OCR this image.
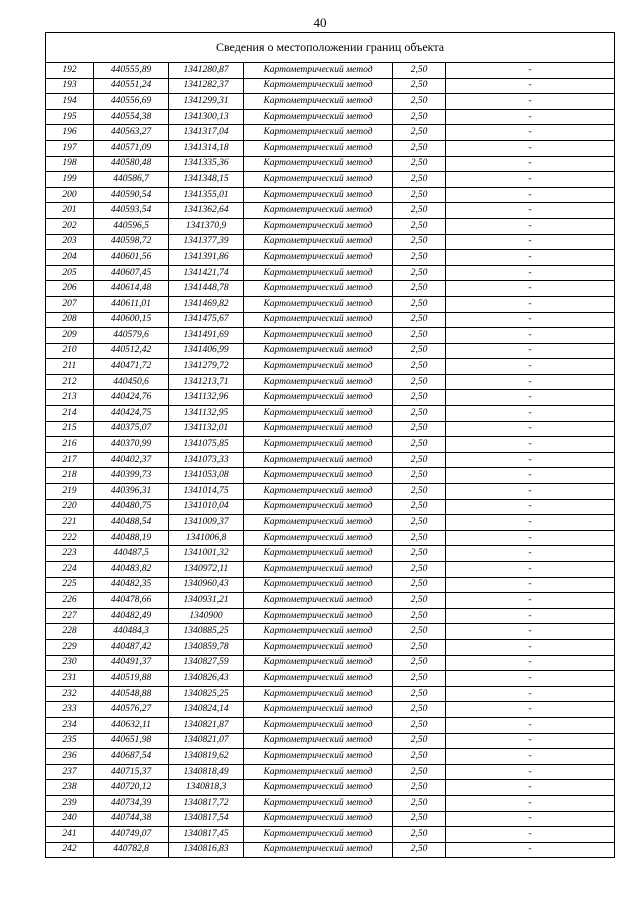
40
Сведения о местоположении границ объекта					
192	440555,89	1341280,87	Картометрический метод	2,50	-
193	440551,24	1341282,37	Картометрический метод	2,50	-
194	440556,69	1341299,31	Картометрический метод	2,50	-
195	440554,38	1341300,13	Картометрический метод	2,50	-
196	440563,27	1341317,04	Картометрический метод	2,50	-
197	440571,09	1341314,18	Картометрический метод	2,50	-
198	440580,48	1341335,36	Картометрический метод	2,50	-
199	440586,7	1341348,15	Картометрический метод	2,50	-
200	440590,54	1341355,01	Картометрический метод	2,50	-
201	440593,54	1341362,64	Картометрический метод	2,50	-
202	440596,5	1341370,9	Картометрический метод	2,50	-
203	440598,72	1341377,39	Картометрический метод	2,50	-
204	440601,56	1341391,86	Картометрический метод	2,50	-
205	440607,45	1341421,74	Картометрический метод	2,50	-
206	440614,48	1341448,78	Картометрический метод	2,50	-
207	440611,01	1341469,82	Картометрический метод	2,50	-
208	440600,15	1341475,67	Картометрический метод	2,50	-
209	440579,6	1341491,69	Картометрический метод	2,50	-
210	440512,42	1341406,99	Картометрический метод	2,50	-
211	440471,72	1341279,72	Картометрический метод	2,50	-
212	440450,6	1341213,71	Картометрический метод	2,50	-
213	440424,76	1341132,96	Картометрический метод	2,50	-
214	440424,75	1341132,95	Картометрический метод	2,50	-
215	440375,07	1341132,01	Картометрический метод	2,50	-
216	440370,99	1341075,85	Картометрический метод	2,50	-
217	440402,37	1341073,33	Картометрический метод	2,50	-
218	440399,73	1341053,08	Картометрический метод	2,50	-
219	440396,31	1341014,75	Картометрический метод	2,50	-
220	440480,75	1341010,04	Картометрический метод	2,50	-
221	440488,54	1341009,37	Картометрический метод	2,50	-
222	440488,19	1341006,8	Картометрический метод	2,50	-
223	440487,5	1341001,32	Картометрический метод	2,50	-
224	440483,82	1340972,11	Картометрический метод	2,50	-
225	440482,35	1340960,43	Картометрический метод	2,50	-
226	440478,66	1340931,21	Картометрический метод	2,50	-
227	440482,49	1340900	Картометрический метод	2,50	-
228	440484,3	1340885,25	Картометрический метод	2,50	-
229	440487,42	1340859,78	Картометрический метод	2,50	-
230	440491,37	1340827,59	Картометрический метод	2,50	-
231	440519,88	1340826,43	Картометрический метод	2,50	-
232	440548,88	1340825,25	Картометрический метод	2,50	-
233	440576,27	1340824,14	Картометрический метод	2,50	-
234	440632,11	1340821,87	Картометрический метод	2,50	-
235	440651,98	1340821,07	Картометрический метод	2,50	-
236	440687,54	1340819,62	Картометрический метод	2,50	-
237	440715,37	1340818,49	Картометрический метод	2,50	-
238	440720,12	1340818,3	Картометрический метод	2,50	-
239	440734,39	1340817,72	Картометрический метод	2,50	-
240	440744,38	1340817,54	Картометрический метод	2,50	-
241	440749,07	1340817,45	Картометрический метод	2,50	-
242	440782,8	1340816,83	Картометрический метод	2,50	-
